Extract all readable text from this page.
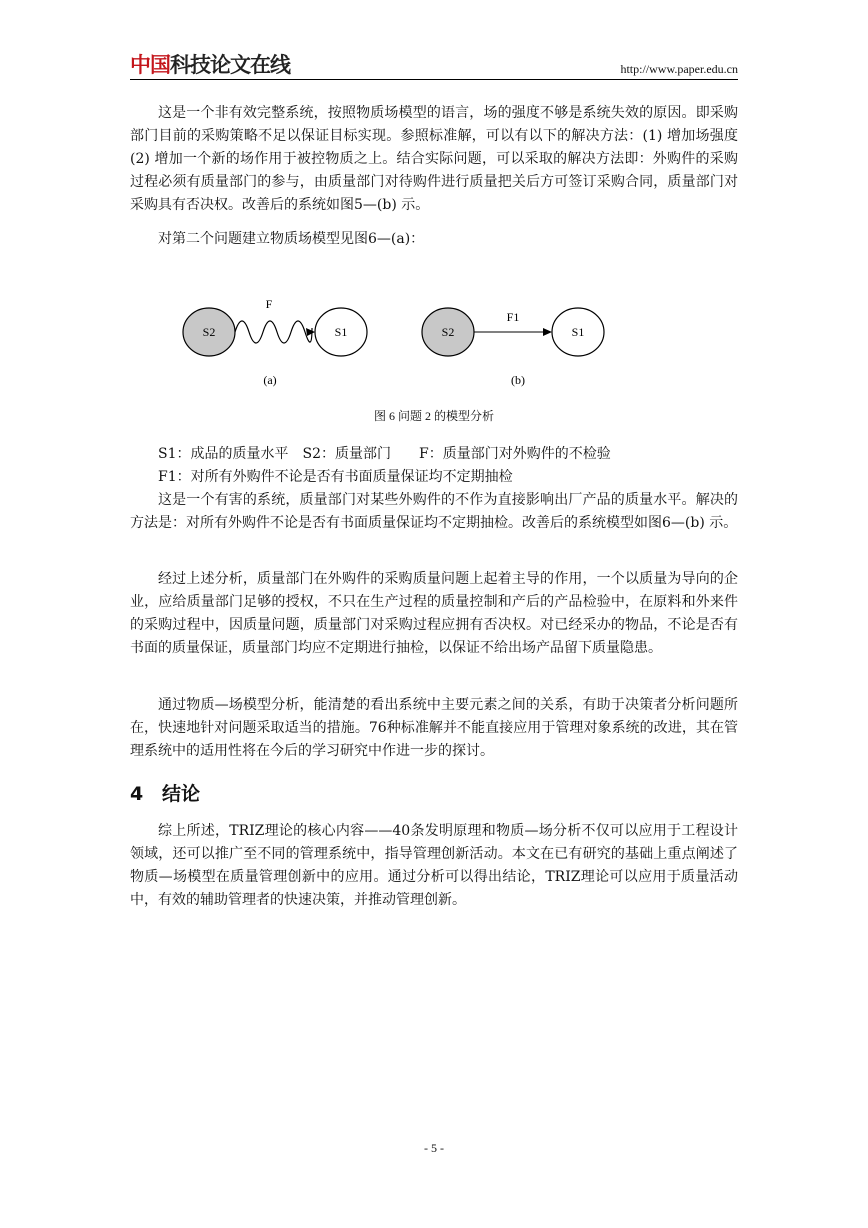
中国科技论文在线	http://www.paper.edu.cn

这是一个非有效完整系统，按照物质场模型的语言，场的强度不够是系统失效的原因。即采购部门目前的采购策略不足以保证目标实现。参照标准解，可以有以下的解决方法：(1) 增加场强度 (2) 增加一个新的场作用于被控物质之上。结合实际问题，可以采取的解决方法即：外购件的采购过程必须有质量部门的参与，由质量部门对待购件进行质量把关后方可签订采购合同，质量部门对采购具有否决权。改善后的系统如图5—(b) 示。

对第二个问题建立物质场模型见图6—(a)：

S2	S1
F
(a)
S2	S1
F1
(b)
图 6 问题 2 的模型分析

S1：成品的质量水平　S2：质量部门　　F：质量部门对外购件的不检验

F1：对所有外购件不论是否有书面质量保证均不定期抽检

这是一个有害的系统，质量部门对某些外购件的不作为直接影响出厂产品的质量水平。解决的方法是：对所有外购件不论是否有书面质量保证均不定期抽检。改善后的系统模型如图6—(b) 示。

经过上述分析，质量部门在外购件的采购质量问题上起着主导的作用，一个以质量为导向的企业，应给质量部门足够的授权，不只在生产过程的质量控制和产后的产品检验中，在原料和外来件的采购过程中，因质量问题，质量部门对采购过程应拥有否决权。对已经采办的物品，不论是否有书面的质量保证，质量部门均应不定期进行抽检，以保证不给出场产品留下质量隐患。

通过物质—场模型分析，能清楚的看出系统中主要元素之间的关系，有助于决策者分析问题所在，快速地针对问题采取适当的措施。76种标准解并不能直接应用于管理对象系统的改进，其在管理系统中的适用性将在今后的学习研究中作进一步的探讨。

4 结论

综上所述，TRIZ理论的核心内容——40条发明原理和物质—场分析不仅可以应用于工程设计领域，还可以推广至不同的管理系统中，指导管理创新活动。本文在已有研究的基础上重点阐述了物质—场模型在质量管理创新中的应用。通过分析可以得出结论，TRIZ理论可以应用于质量活动中，有效的辅助管理者的快速决策，并推动管理创新。

- 5 -
